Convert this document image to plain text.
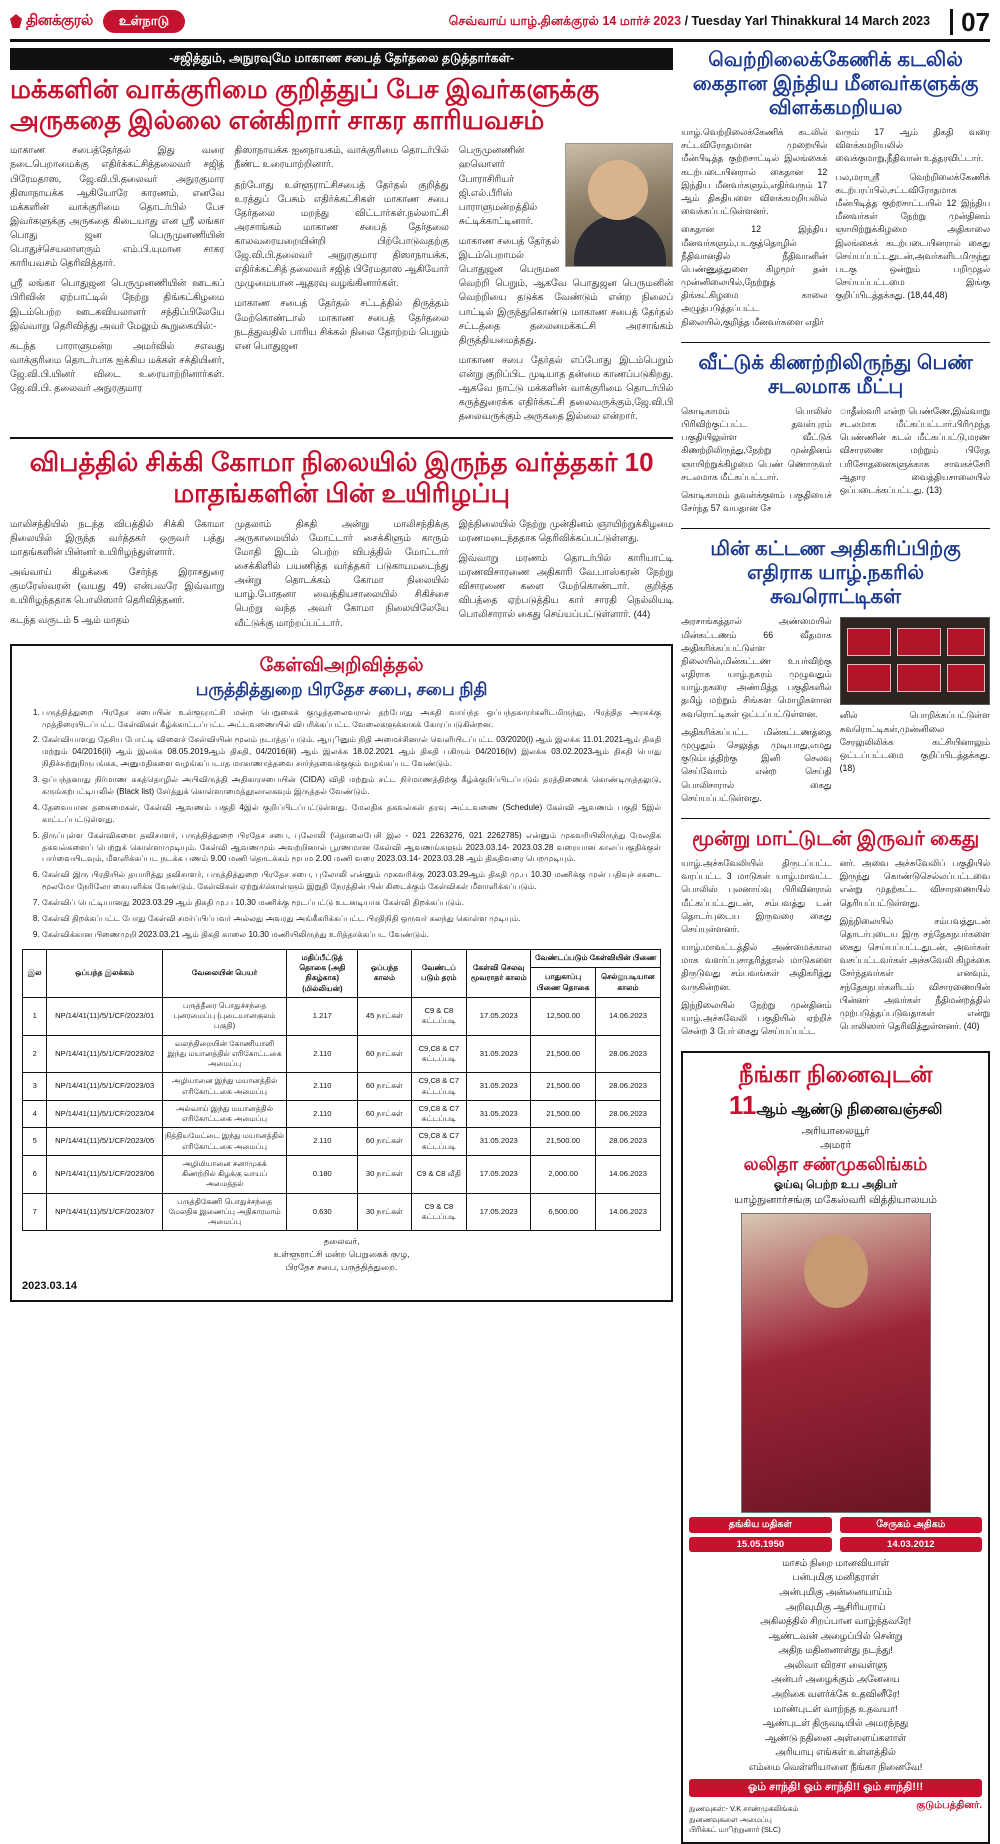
தினக்குரல்	உள்நாடு	செவ்வாய் யாழ்.தினக்குரல் 14 மார்ச் 2023 / Tuesday Yarl Thinakkural 14 March 2023	07
-சஜித்தும், அநுரவுமே மாகாண சபைத் தேர்தலை தடுத்தார்கள்-
மக்களின் வாக்குரிமை குறித்துப் பேச இவர்களுக்கு அருகதை இல்லை என்கிறார் சாகர காரியவசம்

மாகாண சபைத்தேர்தல் இது வரை நடைபெறாமைக்கு எதிர்க்கட்சித்தலைவர் சஜித் பிரேமதாஸ, ஜே.வி.பி.தலைவர் அநுரகுமார திஸாநாயக்க ஆகியோரே காரணம். எனவே மக்களின் வாக்குரிமை தொடர்பில் பேச இவர்களுக்கு அருகதை கிடையாது என ஸ்ரீ லங்கா பொது ஜன பெருமுனணியின் பொதுச்செயலாளரும் எம்.பி.யுமான சாகர காரியவசம் தெரிவித்தார்.

ஸ்ரீ லங்கா பொதுஜன பெருமுனணியின் ஊடகப் பிரிவின் ஏற்பாட்டில் நேற்று திங்கட்கிழமை இடம்பெற்ற ஊடகவியலாளர் சந்திப்பிலேயே இவ்வாறு தெரிவித்து அவர் மேலும் கூறுகையில்:-

கடந்த பாராளுமன்ற அமர்வில் சஎவது வாக்குரிமை தொடர்பாக ஐக்கிய மக்கள் சக்தியினர், ஜே.வி.பி.யினர் விடை உரையாற்றினார்கள். ஜே.வி.பி. தலைவர் அநுரகுமார

திஸாநாயக்க ஐனநாயகம், வாக்குரிமை தொடர்பில் நீண்ட உரையாற்றினார்.

தற்போது உள்ளூராட்சிசபைத் தேர்தல் குறித்து உரத்துப் பேசும் எதிர்க்கட்சிகள் மாகாண சபை தேர்தலை மறந்து விட்டார்கள்.நல்லாட்சி அரசாங்கம் மாகாண சபைத் தேர்தலை காலவரையறையின்றி பிற்போடுவதற்கு ஜே.வி.பி.தலைவர் அநுரகுமார திஸாநாயக்க, எதிர்க்கட்சித் தலைவர் சஜித் பிரேமதாஸ ஆகியோர் முழுமையான ஆதரவு வழங்கினார்கள்.

மாகாண சபைத் தேர்தல் சட்டத்தில் திருத்தம் மேற்கொண்டால் மாகாண சபைத் தேர்தலை நடத்துவதில் பாரிய சிக்கல் நிலை தோற்றம் பெறும் என பொதுஜன

பெருமுனணின் ஹவொளர் போராசிரியர் ஜி.எல்.பீரிஸ் பாராளுமன்றத்தில் சுட்டிக்காட்டினார்.

மாகாண சபைத் தேர்தல் இடம்பெறாமல் பொதுஜன பெருமன வெற்றி பெறும், ஆகவே பொதுஜன பெருமனின் வெற்றியை தடுக்க வேண்டும் என்ற நிலைப் பாட்டில் இருந்துகொண்டு மாகாண சபைத் தேர்தல் சட்டத்தை தலைமைக்கட்சி அரசாங்கம் திருத்தியமைத்தது.

மாகாண சபை தேர்தல் எப்போது இடம்பெறும் என்று குறிப்பிட முடியாத தன்மை காணப்படுகிறது. ஆகவே நாட்டு மக்களின் வாக்குரிமை தொடர்பில் கருத்துரைக்க எதிர்க்கட்சி தலைவருக்கும்,ஜே.வி.பி தலைவருக்கும் அருகதை இல்லை என்றார்.

விபத்தில் சிக்கி கோமா நிலையில் இருந்த வர்த்தகர் 10 மாதங்களின் பின் உயிரிழப்பு

மாலிசந்தியில் நடந்த விபத்தில் சிக்கி கோமா நிலையில் இருந்த வர்த்தகர் ஒருவர் பத்து மாதங்களின் பின்னர் உயிரிழந்துள்ளார்.

அவ்வாய் கிழக்கை சேர்ந்த இராசதுரை குமரேஸ்வரன் (வயது 49) என்பவரே இவ்வாறு உயிரிழந்ததாக பொலிஸார் தெரிவித்தனர்.

கடந்த வருடம் 5 ஆம் மாதம்

முதலாம் திகதி அன்று மாலிசந்திக்கு அருகாமையில் மோட்டார் சைக்கிளும் காரும் மோதி இடம் பெற்ற விபத்தில் மோட்டார் சைக்கிளில் பயணித்த வர்த்தகர் படுகாயமடைந்து அன்று தொடக்கம் கோமா நிலையில் யாழ்.போதனா வைத்தியசாலையில் சிகிச்சை பெற்று வந்த அவர் கோமா நிலையிலேயே வீட்டுக்கு மாற்றப்பட்டார்.

இந்நிலையில் நேற்று முன்தினம் ஞாயிற்றுக்கிழமை மரணமடைந்ததாக தெரிவிக்கப்பட்டுள்ளது.

இவ்வாறு மரணம் தொடர்பில் காரியாட்டி மரணவிசாரணை அதிகாரி வே.பாஸ்கரன் நேற்று விசாரணை களை மேற்கொண்டார். குறித்த விபத்தை ஏற்படுத்திய கார் சாரதி நெல்லியடி பொலிசாரால் கைது செய்யப்பட்டுள்ளார். (44)

கேள்விஅறிவித்தல்
பருத்தித்துறை பிரதேச சபை, சபை நிதி
1. பருத்தித்துறை பிரதேச சபையின் உள்ளூராட்சி மன்ற பெறுகைக் குழுத்தலைவரால் தற்போது அகதி வாய்ந்த ஒப்பந்தகாரர்களிடமிருந்து, பிரத்தித அரசுக்கு முத்திரையிடப்பட்ட கேள்விகள் கீழ்க்காட்டப்பட்ட அட்டவணையில் விபரிக்கப்பட்ட வேலைகளுக்காகக் கோரப்படுகின்றன.
2. கேள்வியாளது தேசிய போட்டி விளைச் கேள்வியின் மூலம் நடாத்தப்படும். ஆயுினும் நிதி அமைச்சினால் வெளியிடப்பட்ட 03/2020(i) ஆம் இலக்க 11.01.2021ஆம் திகதி மற்றும் 04/2016(ii) ஆம் இலக்க 08.05.2019ஆம் திகதி, 04/2016(iii) ஆம் இலக்க 18.02.2021 ஆம் திகதி பகிரும் 04/2016(iv) இலக்க 03.02.2023ஆம் திகதி பொது நிதிச்சுற்றுநிருபங்கக, அனுமதிகளை வழங்கப்படாத மாகாணாத்தவை சார்ந்தவைக்குகும் வழங்கப்பட வேண்டும்.
3. ஒப்பந்தனாது நிர்மாண சுகத்தொழில் அபிவிருத்தி அதிகாரசபையின் (CIDA) விதி மற்றும் சட்ட நிர்மாணத்திற்கு கீழ்க்குறிப்பிடப்படும் தரத்திணைக் கொண்டிருத்தலுடு, கருங்கற்பட்டியலில் (Black list) சேர்த்துக் கொள்ளாமைத்தூலாலகவும் இருத்தல் வேண்டும்.
4. தேவையான தகைமைகள், கேள்வி ஆவணம் பகுதி 4இல் குறிப்பிடப்பட்டுள்ளது. மேலதிக தகவல்கள் தரவு அட்டவணை (Schedule) கேள்வி ஆவணம் பகுதி 5இல் காட்டப்பட்டுள்ளது.
5. திருப்புள்ள கேள்விகளை தவிசாளர், பருத்தித்துறை பிரதேச சபை, புலோலி (தொலைபேசி இல - 021 2263276, 021 2262785) என்னும் முகவரியிலிருந்து மேலதிக தகவல்களைப் பெற்றுக் கொள்ளாமுடியும். கேள்வி ஆவணமும் அவற்றினால் பூரணமான கேள்வி ஆவணங்களும் 2023.03.14- 2023.03.28 வரையான காலப்பகுதிக்குள் பார்வையிடவும், மீளளிக்கப்பட நடக்க பணம் 9.00 மணி தொடக்கம் மூபம 2.00 மணி வரை 2023.03.14- 2023.03.28 ஆம் திகதிவரை பெறமுடியும்.
6. கேள்வி இரு பிரதியில் தயாரித்து தவிசாளர், பருத்தித்துறை பிரதேச சபை, புலோலி என்னும் முகவரிக்கு 2023.03.29ஆம் திகதி மு.ப 10.30 மணிக்கு முன் பதிவுச் சகடை மூலமோ நேரிலோ கையளிக்க வேண்டும். கேள்விகள் ஏற்றுக்கொள்ளும் இறுதி நேரத்தின் பின் கிடைக்கும் கேள்விகள் மீளாளிக்கப்படும்.
7. கேள்விப் பெட்டியானது 2023.03.29 ஆம் திகதி மு.ப 10.30 மணிக்கு மூடப்பட்டு உடனடியாக கேள்வி திறக்கப்படும்.
8. கேள்வி திறக்கப்பட்ட போது கேள்வி சமர்ப்பிப்பவர் அல்லது அவரது அங்கீகரிக்கப்பட்ட பிரதிநிதி ஒருவர் கலந்து கொள்ள முடியும்.
9. கேள்விக்கான பிணைமுறி 2023.03.21 ஆம் திகதி காலை 10.30 மணியிலிருந்து உரித்தாக்கப்பட வேண்டும்.
இல	ஒப்பந்த இலக்கம்	வேலையின் பெயர்	மதிப்பீட்டுத் தொகை (அதி நிகழ்காக) (மில்லியன்)	ஒப்பந்த காலம்	வேண்டப் படும் தரம்	கேள்வி செலவு மூவராதர் காலம்	வேண்டப்படும் கேள்வியின் பிணை	
							பாதுகாப்பு பிணை தொகை	செல்லுபடியான காலம்
1	NP/14/41(11)/5/1/CF/2023/01	பருத்தீரை பொதுச்சந்தை புனரமைப்பு (புடையானகுலம் பகுதி)	1.217	45 நாட்கள்	C9 & C8 சுட்டப்படி	17.05.2023	12,500.00	14.06.2023
2	NP/14/41(11)/5/1/CF/2023/02	வலந்திறையின் கோணியானி இந்து மயானத்தில் எரிகோட்டகை அமைப்பு	2.110	60 நாட்கள்	C9,C8 & C7 சுட்டப்படி	31.05.2023	21,500.00	28.06.2023
3	NP/14/41(11)/5/1/CF/2023/03	அழியானை இந்து மயானத்தில் எரிகோட்டகை அமைப்பு	2.110	60 நாட்கள்	C9,C8 & C7 சுட்டப்படி	31.05.2023	21,500.00	28.06.2023
4	NP/14/41(11)/5/1/CF/2023/04	அல்வாய் இந்து மயானத்தில் எரிகோட்டகை அமைப்பு	2.110	60 நாட்கள்	C9,C8 & C7 சுட்டப்படி	31.05.2023	21,500.00	28.06.2023
5	NP/14/41(11)/5/1/CF/2023/05	நித்தியமேட்டை இந்து மயானத்தில் எரிகோட்டகை அமைப்பு	2.110	60 நாட்கள்	C9,C8 & C7 சுட்டப்படி	31.05.2023	21,500.00	28.06.2023
6	NP/14/41(11)/5/1/CF/2023/06	அழிமியானை சனாமுகக் கிணற்றில் கிழக்கு வாயப் அமைத்தல்	0.180	30 நாட்கள்	C9 & C8 வீதி	17.05.2023	2,000.00	14.06.2023
7	NP/14/41(11)/5/1/CF/2023/07	பருத்திகேணி பொதுச்சந்தை மேலதிக இணைப்பு அதிகாரமாம் அமைப்பு	0.630	30 நாட்கள்	C9 & C8 சுட்டப்படி	17.05.2023	6,500.00	14.06.2023
தலைவர்,
உள்ளூராட்சி மன்ற பெறுகைக் குழு,
பிரதேச சபை, பருத்தித்துறை.
2023.03.14
வெற்றிலைக்கேணிக் கடலில் கைதான இந்திய மீனவர்களுக்கு விளக்கமறியல

யாழ்.வெற்றிலைக்கேணிக் கடலில் சட்டவிரோதமான முறையில் மீன்பிடித்த குற்றசாட்டில் இலங்கைக் கடற்படையினரால் கைதான 12 இந்திய மீனவர்களும்,எதிர்வரும் 17 ஆம் திகதியளை விளக்கமறியலில் வைக்கப்பட்டுள்ளனர்.

கைதான 12 இந்திய மீனவர்களும்,படகுத்தொழில் நீதிவானதில் நீதிவானின் பெண்ணுத்துளை கிழமூர் தன் முன்னிலையில்,நேற்றுத் திங்கட்கிழமை காலை அழுத்படுத்தப்பட்ட நிலையில்,குறித்த மீனவர்களை எதிர்

வரும் 17 ஆம் திகதி வரை விளக்கமறியலில் வைக்குமாறு,நீதிவான் உத்தரவிட்டார்.

பல,மராஸ்ரீ வெற்றிலைக்கேணிக் கடற்பரப்பில்,சட்டவிரோதமாக மீன்பிடித்த குற்றசாட்டயில் 12 இந்திய மீனவர்கள் நேற்று முன்தினம் ஞாயிற்றுக்கிழமை அதிகாலை இலங்கைக் கடற்படையினரால் கைது செய்யப்பட்டதுடன்,அவர்களிடமிருந்து படகு ஒன்றும் பறிமுதல் செய்யப்பட்டமை இங்கு குறிப்பிடத்தக்கது. (18,44,48)

வீட்டுக் கிணற்றிலிருந்து பெண் சடலமாக மீட்பு

கொடிகாமம் பொலிஸ் பிரிவிற்குட்பட்ட தவள்புரம் பகுதியிலுள்ள வீட்டுக் கிணற்றிலிருந்து,நேற்று முன்தினம் ஞாயிற்றுக்கிழமை பெண் ணொருவர் சடலமாக மீட்கப்பட்டார்.

கொடிகாமம் தவள்க்குளம் பகுதியைச் சேர்ந்த 57 வயதான சே

ாதீஸ்வரி என்ற பெண்ணே,இவ்வாறு சடலமாக மீட்கப்பட்டார்.பிரிமுந்த பெண்ணின் கடல் மீட்கப்பட்டு,மரண விசாரணை மற்றும் பிரேத பரிசோதனைகளுக்காக சாவகச்சேரி ஆதார வைத்தியசாலையில் ஒப்படைக்கப்பட்டது. (13)

மின் கட்டண அதிகரிப்பிற்கு எதிராக யாழ்.நகரில் சுவரொட்டிகள்

அரசாங்கத்தால் அண்மையில் மின்கட்டணம் 66 வீதமாக அதிகரிக்கப்பட்டுள்ள நிலையில்,மின்கட்டண உயர்விற்கு எதிராக யாழ்.நகரம் முழுவதும் யாழ்.நகரை அண்மித்த பகுதிகளில் தமிழ் மற்றும் சிங்கள மொழிகளான சுவரொட்டிகள் ஒட்டப்பட்டுள்ளன.

அதிகரிக்கப்பட்ட மின்கட்டணத்தை முழுதும் செலுத்த முடியாது,எமது குடும்பத்திற்கு இனி செலவு செய்வோம் என்ற செய்தி பொலிசாரால் கைது செய்யப்பட்டுள்ளது.

னில் பொறிக்கப்பட்டுள்ள சுவரொட்டிகள்,முன்னிலை சேரலுலிலிக்க கட்சியினாலும் ஒட்டப்பட்டமை குறிப்பிடத்தக்கது. (18)

மூன்று மாட்டுடன் இருவர் கைது

யாழ்.அச்சுவேலியில் திருடப்பட்ட வரப்பட்ட 3 மாடுகள் யாழ்.மாவட்ட பொலிஸ் புலனாய்வு பிரிவினரால் மீட்கப்பட்டதுடன், சம்பவத்து டன் தொடர்புடைய இருவரை கைது செய்யுள்ளனர்.

யாழ்.மாவட்டத்தில் அண்மைக்கால மாக வளர்ப்புசாதரித்தால் மாடுகளை திருடுவது சம்பவங்கள் அதிகரித்து வருகின்றன.

இந்நிலையில் நேற்று முன்தினம் யாழ்.அச்சுவேலி பகுதியில் ஏற்றிச் சென்ற 3 பேர் கைது செய்யப்பட்ட

னர். அவை அச்சுவேலிப் பகுதியில் இருந்து கொண்டுசெல்லப்பட்டவை என்று முதற்கட்ட விசாரணையில் தெரியப்பட்டுள்ளது.

இந்நிலையில் சம்பவத்துடன் தொடர்புடைய இரு சந்தேகநபர்களை கைது செய்யப்பட்டதுடன், அவர்கள் வசப்பட்டவர்கள் அச்சுவேலி கிழக்கை சேர்ந்தவர்கள் எனவும், சந்தேகநபர்களிடம் விசாரணையின் பின்னர் அவர்கள் நீதிமன்றத்தில் முற்படுத்தப்படுவதாகள் என்று பொலிஸார் தெரிவித்துள்ளனர். (40)

நீங்கா நினைவுடன்
11ஆம் ஆண்டு நினைவஞ்சலி
அரியாலையூர்
அமரர்
லலிதா சண்முகலிங்கம்
ஓய்வு பெற்ற உப அதிபர்
யாழ்நுனார்சங்கு மகேஸ்வரி வித்தியாலயம்
தங்கிய மதிகள்
15.05.1950
சேருகம் அதிகம்
14.03.2012
மாசம் நிறை மானவியாள்
பன்புமிகு மனிதராள்
அன்புமிகு அன்னையாய்ம்
அறிவுமிகு ஆசிரியராய்
அகிலத்தில் சிறப்பான வாழ்ந்தவரே!
ஆண்டவன் அழைப்பில் சென்று
அதிந மதினனாள்து நடந்து!
அலிவா விரசா வைள்ளு
அன்பர் அழைக்கும் அனேயை
அறிகை வளர்க்கே உதவினீரே!
மாண்புடள் வாற்நத உதவயா!
ஆண்புடள் திருவடியில் அமரந்நது
ஆண்டு நதினை அள்ளைய்களாள்
அரியாயு எங்கள் உள்ளத்தில்
எம்மை வெள்ளியாளை நீங்கா நினைவே!
ஓம் சாந்தி! ஓம் சாந்தி!! ஓம் சாந்தி!!!
நுணவுகள்:- V.K சாண்முகலிங்கம்
நுனணவுகளை அமைப்பு
பிரிக்கட் மாிற்றுனார் (SLC)
குடும்பத்தினர்.
